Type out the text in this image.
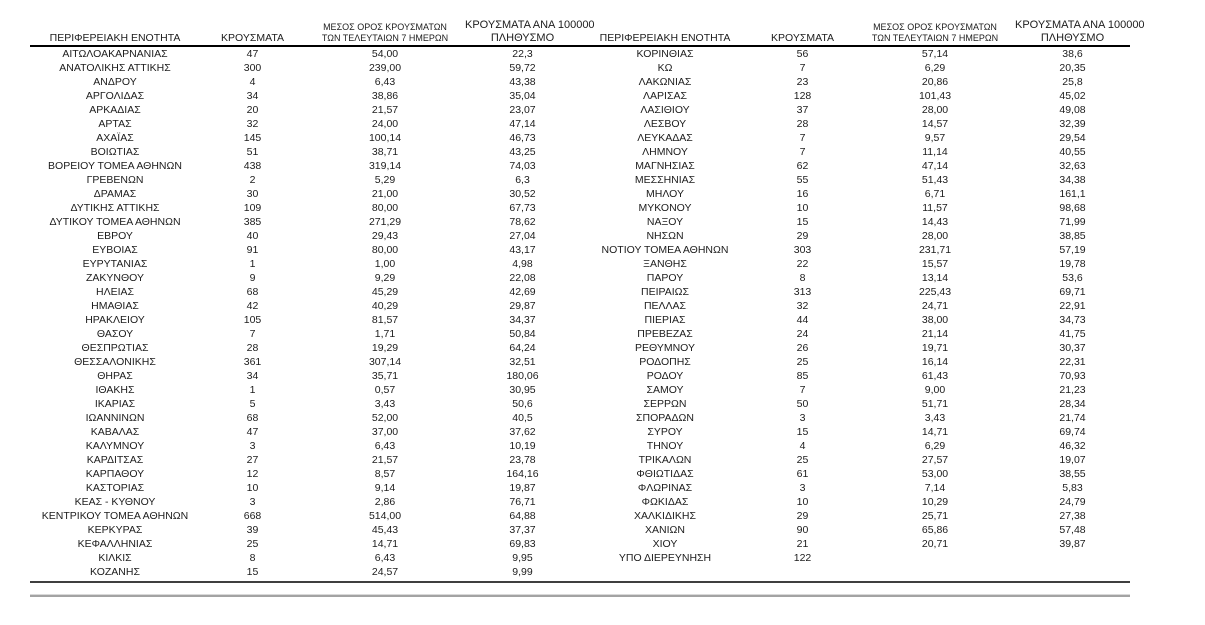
ΠΕΡΙΦΕΡΕΙΑΚΗ ΕΝΟΤΗΤΑ	ΚΡΟΥΣΜΑΤΑ
ΜΕΣΟΣ ΟΡΟΣ ΚΡΟΥΣΜΑΤΩΝ
ΤΩΝ ΤΕΛΕΥΤΑΙΩΝ 7 ΗΜΕΡΩΝ
ΚΡΟΥΣΜΑΤΑ ΑΝΑ 100000
ΠΛΗΘΥΣΜΟ
ΑΙΤΩΛΟΑΚΑΡΝΑΝΙΑΣ	47	54,00	22,3
ΑΝΑΤΟΛΙΚΗΣ ΑΤΤΙΚΗΣ	300	239,00	59,72
ΑΝΔΡΟΥ	4	6,43	43,38
ΑΡΓΟΛΙΔΑΣ	34	38,86	35,04
ΑΡΚΑΔΙΑΣ	20	21,57	23,07
ΑΡΤΑΣ	32	24,00	47,14
ΑΧΑΪΑΣ	145	100,14	46,73
ΒΟΙΩΤΙΑΣ	51	38,71	43,25
ΒΟΡΕΙΟΥ ΤΟΜΕΑ ΑΘΗΝΩΝ	438	319,14	74,03
ΓΡΕΒΕΝΩΝ	2	5,29	6,3
ΔΡΑΜΑΣ	30	21,00	30,52
ΔΥΤΙΚΗΣ ΑΤΤΙΚΗΣ	109	80,00	67,73
ΔΥΤΙΚΟΥ ΤΟΜΕΑ ΑΘΗΝΩΝ	385	271,29	78,62
ΕΒΡΟΥ	40	29,43	27,04
ΕΥΒΟΙΑΣ	91	80,00	43,17
ΕΥΡΥΤΑΝΙΑΣ	1	1,00	4,98
ΖΑΚΥΝΘΟΥ	9	9,29	22,08
ΗΛΕΙΑΣ	68	45,29	42,69
ΗΜΑΘΙΑΣ	42	40,29	29,87
ΗΡΑΚΛΕΙΟΥ	105	81,57	34,37
ΘΑΣΟΥ	7	1,71	50,84
ΘΕΣΠΡΩΤΙΑΣ	28	19,29	64,24
ΘΕΣΣΑΛΟΝΙΚΗΣ	361	307,14	32,51
ΘΗΡΑΣ	34	35,71	180,06
ΙΘΑΚΗΣ	1	0,57	30,95
ΙΚΑΡΙΑΣ	5	3,43	50,6
ΙΩΑΝΝΙΝΩΝ	68	52,00	40,5
ΚΑΒΑΛΑΣ	47	37,00	37,62
ΚΑΛΥΜΝΟΥ	3	6,43	10,19
ΚΑΡΔΙΤΣΑΣ	27	21,57	23,78
ΚΑΡΠΑΘΟΥ	12	8,57	164,16
ΚΑΣΤΟΡΙΑΣ	10	9,14	19,87
ΚΕΑΣ - ΚΥΘΝΟΥ	3	2,86	76,71
ΚΕΝΤΡΙΚΟΥ ΤΟΜΕΑ ΑΘΗΝΩΝ	668	514,00	64,88
ΚΕΡΚΥΡΑΣ	39	45,43	37,37
ΚΕΦΑΛΛΗΝΙΑΣ	25	14,71	69,83
ΚΙΛΚΙΣ	8	6,43	9,95
ΚΟΖΑΝΗΣ	15	24,57	9,99
ΠΕΡΙΦΕΡΕΙΑΚΗ ΕΝΟΤΗΤΑ	ΚΡΟΥΣΜΑΤΑ
ΜΕΣΟΣ ΟΡΟΣ ΚΡΟΥΣΜΑΤΩΝ
ΤΩΝ ΤΕΛΕΥΤΑΙΩΝ 7 ΗΜΕΡΩΝ
ΚΡΟΥΣΜΑΤΑ ΑΝΑ 100000
ΠΛΗΘΥΣΜΟ
ΚΟΡΙΝΘΙΑΣ	56	57,14	38,6
ΚΩ	7	6,29	20,35
ΛΑΚΩΝΙΑΣ	23	20,86	25,8
ΛΑΡΙΣΑΣ	128	101,43	45,02
ΛΑΣΙΘΙΟΥ	37	28,00	49,08
ΛΕΣΒΟΥ	28	14,57	32,39
ΛΕΥΚΑΔΑΣ	7	9,57	29,54
ΛΗΜΝΟΥ	7	11,14	40,55
ΜΑΓΝΗΣΙΑΣ	62	47,14	32,63
ΜΕΣΣΗΝΙΑΣ	55	51,43	34,38
ΜΗΛΟΥ	16	6,71	161,1
ΜΥΚΟΝΟΥ	10	11,57	98,68
ΝΑΞΟΥ	15	14,43	71,99
ΝΗΣΩΝ	29	28,00	38,85
ΝΟΤΙΟΥ ΤΟΜΕΑ ΑΘΗΝΩΝ	303	231,71	57,19
ΞΑΝΘΗΣ	22	15,57	19,78
ΠΑΡΟΥ	8	13,14	53,6
ΠΕΙΡΑΙΩΣ	313	225,43	69,71
ΠΕΛΛΑΣ	32	24,71	22,91
ΠΙΕΡΙΑΣ	44	38,00	34,73
ΠΡΕΒΕΖΑΣ	24	21,14	41,75
ΡΕΘΥΜΝΟΥ	26	19,71	30,37
ΡΟΔΟΠΗΣ	25	16,14	22,31
ΡΟΔΟΥ	85	61,43	70,93
ΣΑΜΟΥ	7	9,00	21,23
ΣΕΡΡΩΝ	50	51,71	28,34
ΣΠΟΡΑΔΩΝ	3	3,43	21,74
ΣΥΡΟΥ	15	14,71	69,74
ΤΗΝΟΥ	4	6,29	46,32
ΤΡΙΚΑΛΩΝ	25	27,57	19,07
ΦΘΙΩΤΙΔΑΣ	61	53,00	38,55
ΦΛΩΡΙΝΑΣ	3	7,14	5,83
ΦΩΚΙΔΑΣ	10	10,29	24,79
ΧΑΛΚΙΔΙΚΗΣ	29	25,71	27,38
ΧΑΝΙΩΝ	90	65,86	57,48
ΧΙΟΥ	21	20,71	39,87
ΥΠΟ ΔΙΕΡΕΥΝΗΣΗ	122
